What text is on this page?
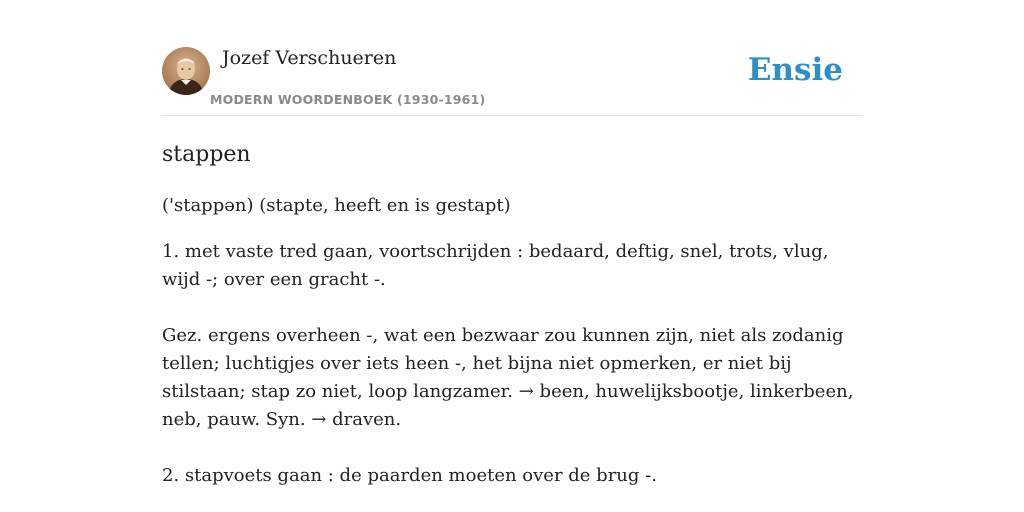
Jozef Verschueren
MODERN WOORDENBOEK (1930-1961)
Ensie
stappen

('stappən) (stapte, heeft en is gestapt)

1. met vaste tred gaan, voortschrijden : bedaard, deftig, snel, trots, vlug, wijd -; over een gracht -.

Gez. ergens overheen -, wat een bezwaar zou kunnen zijn, niet als zodanig tellen; luchtigjes over iets heen -, het bijna niet opmerken, er niet bij stilstaan; stap zo niet, loop langzamer. → been, huwelijksbootje, linkerbeen, neb, pauw. Syn. → draven.

2. stapvoets gaan : de paarden moeten over de brug -.
